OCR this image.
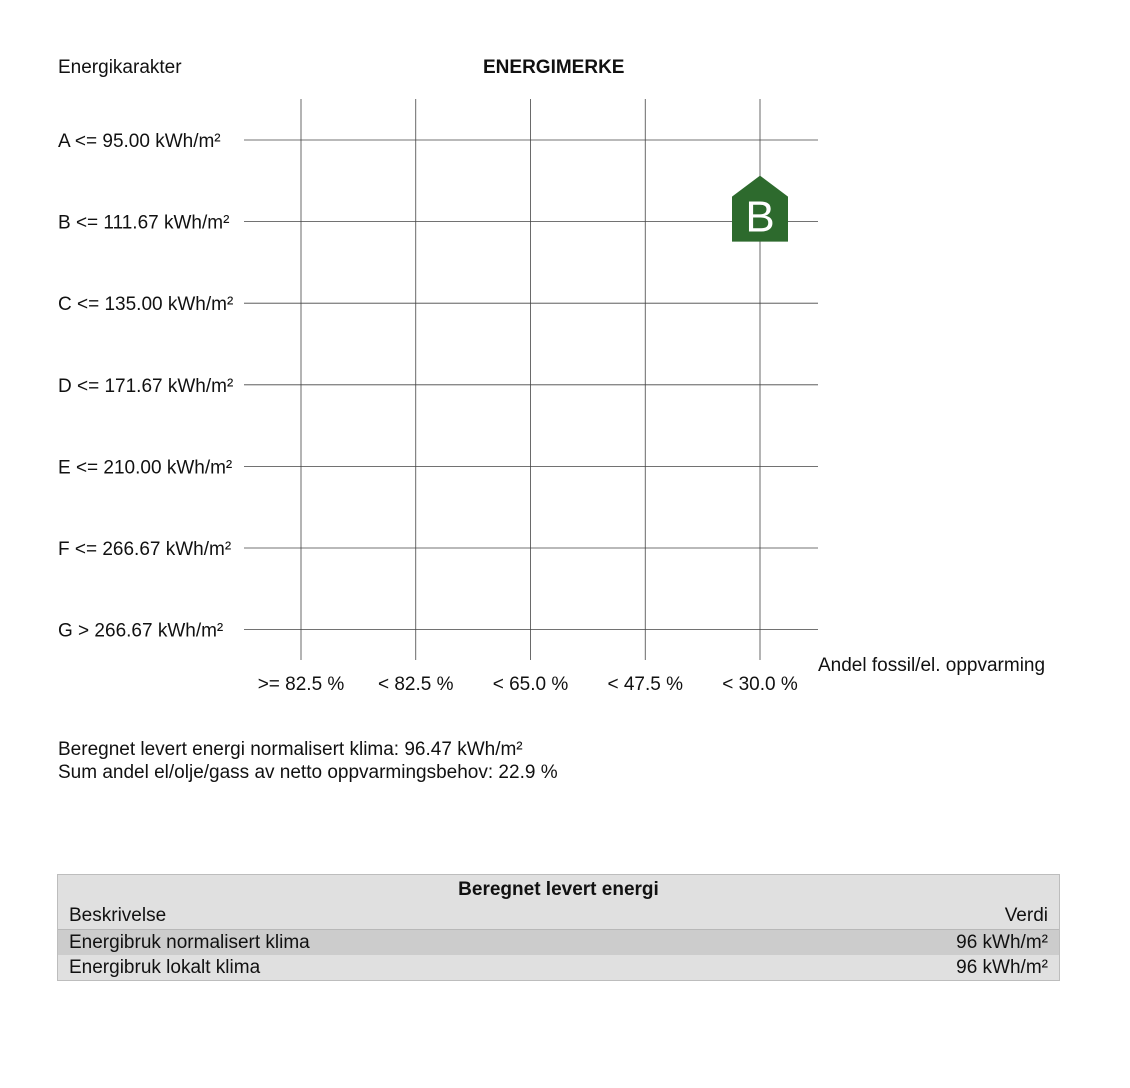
Energikarakter	ENERGIMERKE
Andel fossil/el. oppvarming
>= 82.5 % < 82.5 % < 65.0 % < 47.5 % < 30.0 %
A <= 95.00 kWh/m²
B <= 111.67 kWh/m²
C <= 135.00 kWh/m²
D <= 171.67 kWh/m²
E <= 210.00 kWh/m²
F <= 266.67 kWh/m²
G > 266.67 kWh/m²
B
Beregnet levert energi normalisert klima: 96.47 kWh/m²
Sum andel el/olje/gass av netto oppvarmingsbehov: 22.9 %
Beregnet levert energi
Beskrivelse	Verdi
Energibruk normalisert klima	96 kWh/m²
Energibruk lokalt klima	96 kWh/m²
